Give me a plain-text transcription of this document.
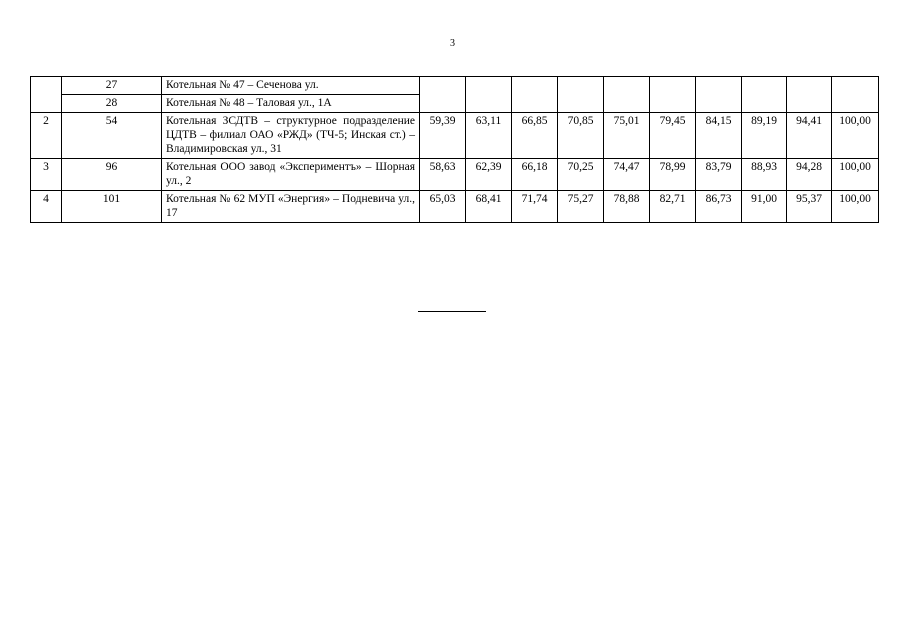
3
	27	Котельная № 47 – Сеченова ул.										
	28	Котельная № 48 – Таловая ул., 1А										
2	54	Котельная ЗСДТВ – структурное подразделение ЦДТВ – филиал ОАО «РЖД» (ТЧ-5; Инская ст.) – Владимировская ул., 31	59,39	63,11	66,85	70,85	75,01	79,45	84,15	89,19	94,41	100,00
3	96	Котельная ООО завод «Экспериментъ» – Шорная ул., 2	58,63	62,39	66,18	70,25	74,47	78,99	83,79	88,93	94,28	100,00
4	101	Котельная № 62 МУП «Энергия» – Подневича ул., 17	65,03	68,41	71,74	75,27	78,88	82,71	86,73	91,00	95,37	100,00
